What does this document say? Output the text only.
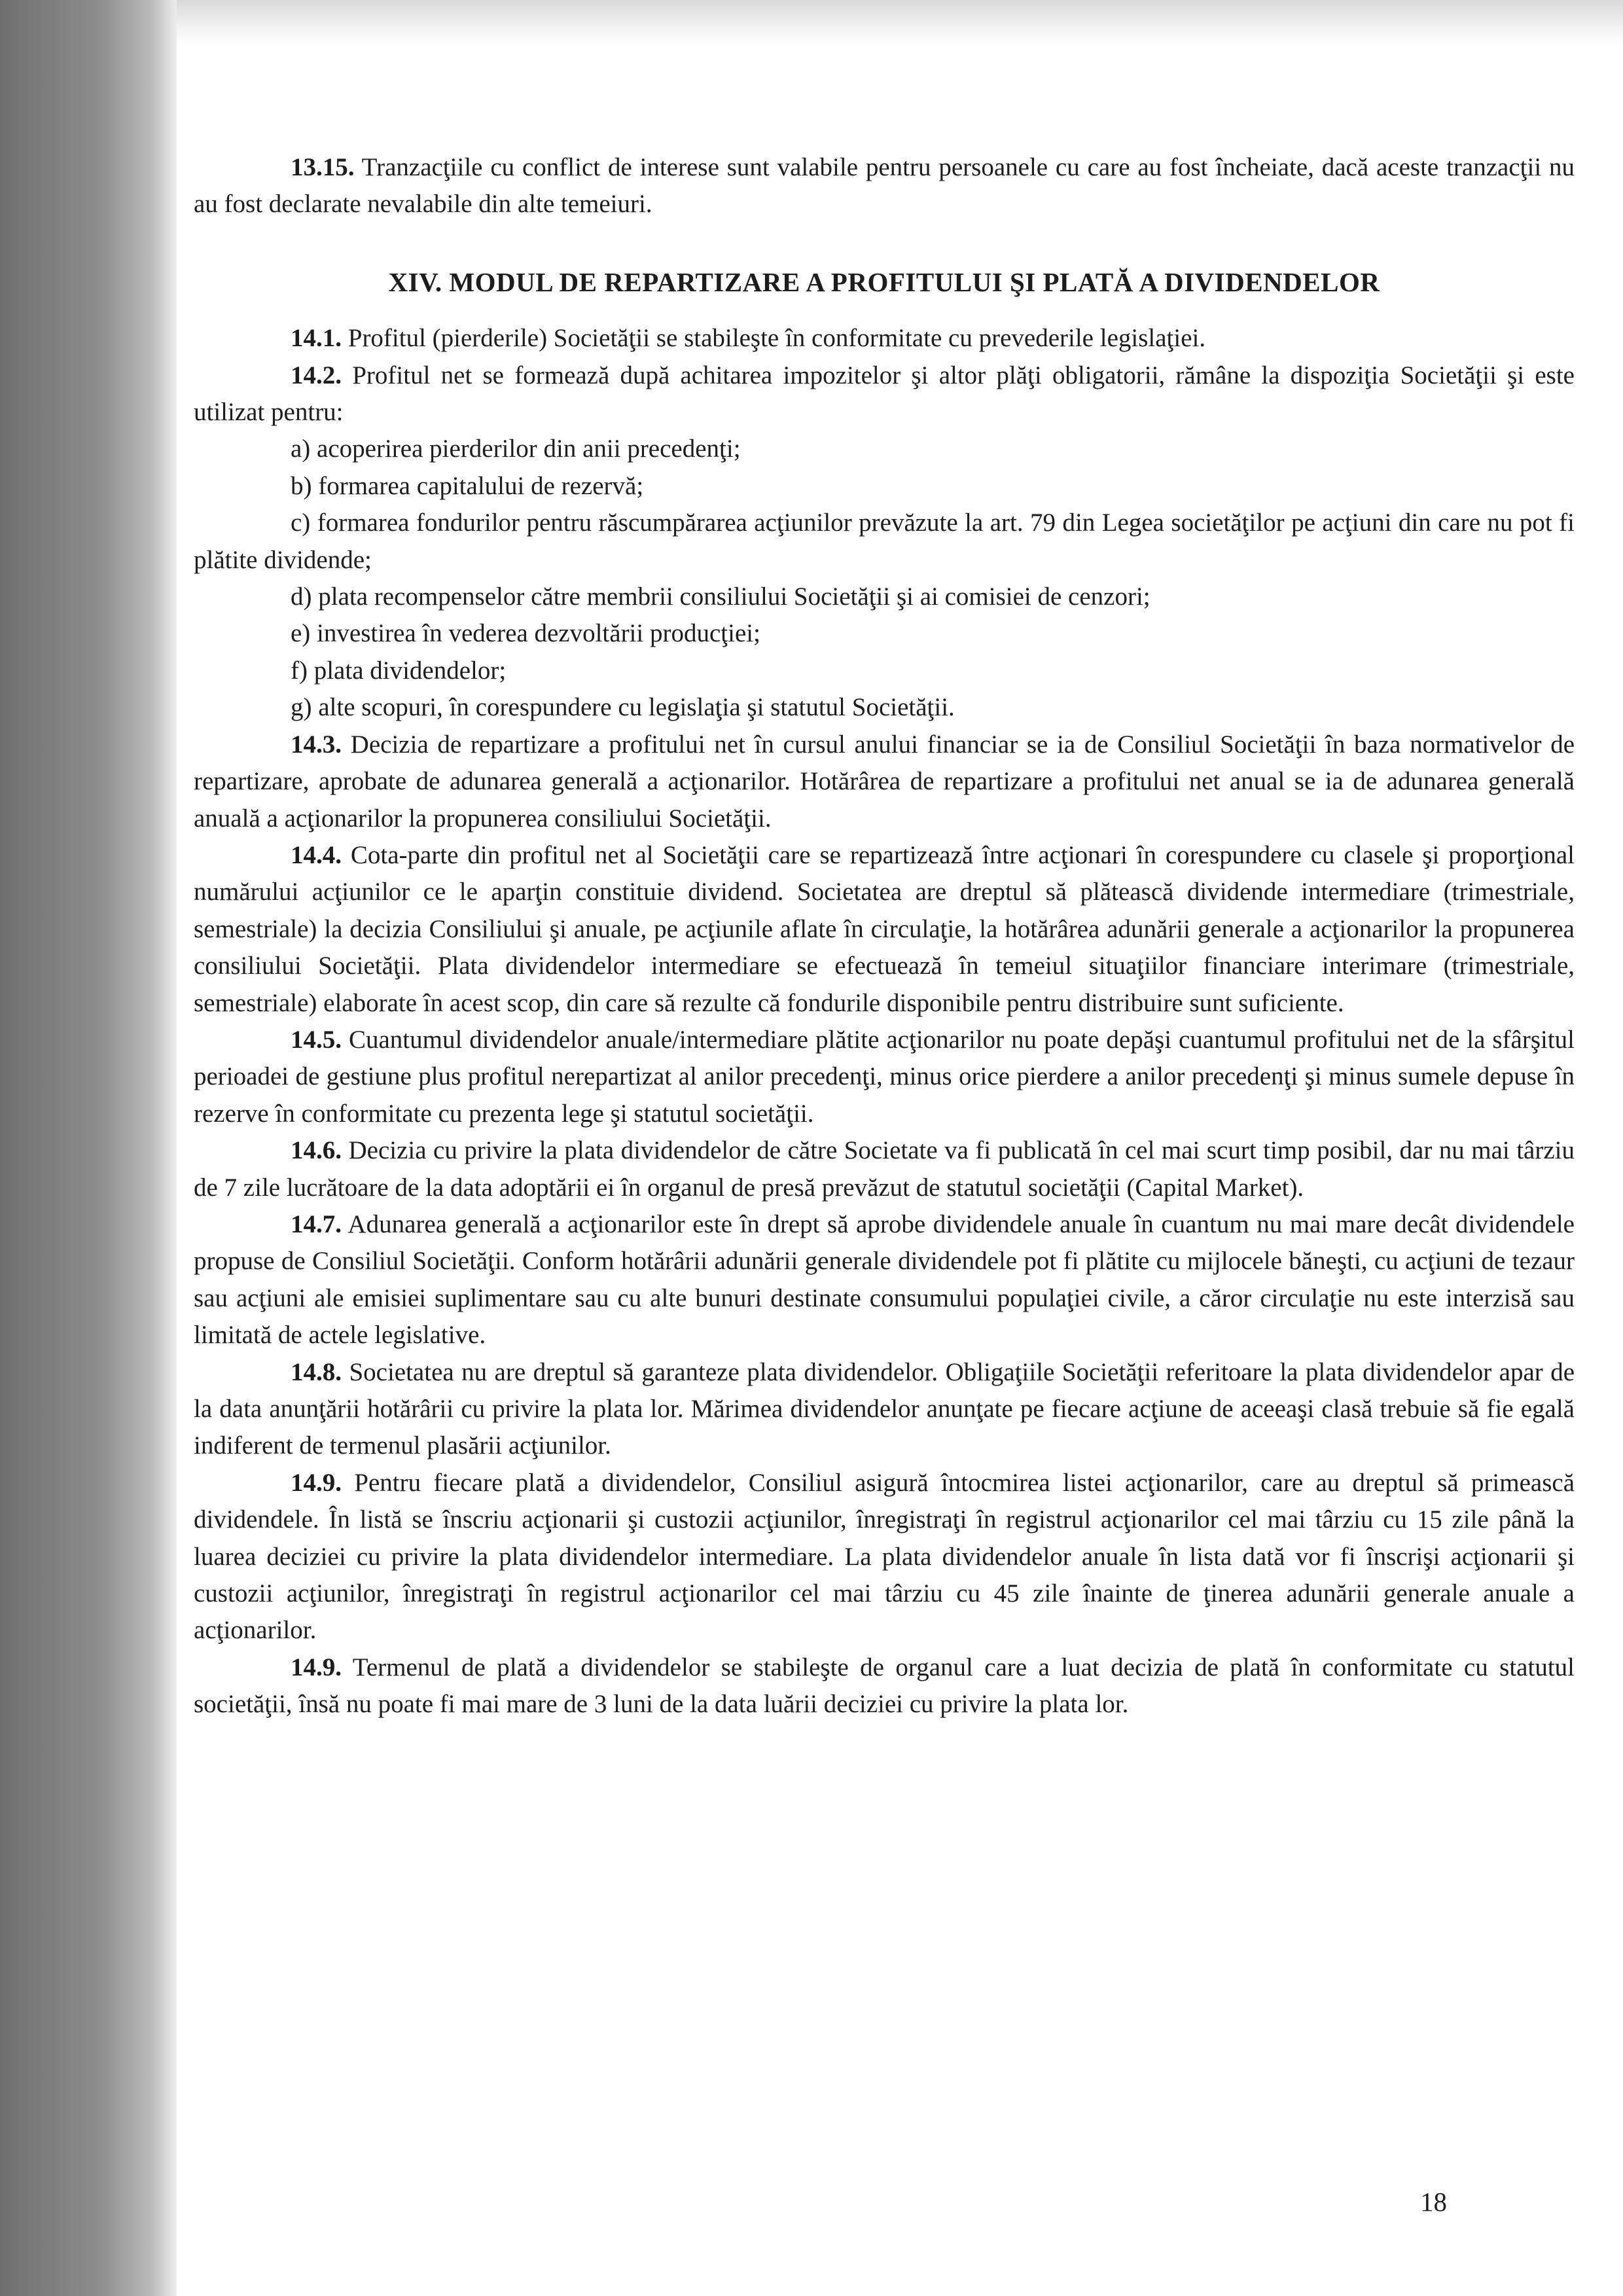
13.15. Tranzacţiile cu conflict de interese sunt valabile pentru persoanele cu care au fost încheiate, dacă aceste tranzacţii nu au fost declarate nevalabile din alte temeiuri.

XIV. MODUL DE REPARTIZARE A PROFITULUI ŞI PLATĂ A DIVIDENDELOR

14.1. Profitul (pierderile) Societăţii se stabileşte în conformitate cu prevederile legislaţiei.

14.2. Profitul net se formează după achitarea impozitelor şi altor plăţi obligatorii, rămâne la dispoziţia Societăţii şi este utilizat pentru:

a) acoperirea pierderilor din anii precedenţi;

b) formarea capitalului de rezervă;

c) formarea fondurilor pentru răscumpărarea acţiunilor prevăzute la art. 79 din Legea societăţilor pe acţiuni din care nu pot fi plătite dividende;

d) plata recompenselor către membrii consiliului Societăţii şi ai comisiei de cenzori;

e) investirea în vederea dezvoltării producţiei;

f) plata dividendelor;

g) alte scopuri, în corespundere cu legislaţia şi statutul Societăţii.

14.3. Decizia de repartizare a profitului net în cursul anului financiar se ia de Consiliul Societăţii în baza normativelor de repartizare, aprobate de adunarea generală a acţionarilor. Hotărârea de repartizare a profitului net anual se ia de adunarea generală anuală a acţionarilor la propunerea consiliului Societăţii.

14.4. Cota-parte din profitul net al Societăţii care se repartizează între acţionari în corespundere cu clasele şi proporţional numărului acţiunilor ce le aparţin constituie dividend. Societatea are dreptul să plătească dividende intermediare (trimestriale, semestriale) la decizia Consiliului şi anuale, pe acţiunile aflate în circulaţie, la hotărârea adunării generale a acţionarilor la propunerea consiliului Societăţii. Plata dividendelor intermediare se efectuează în temeiul situaţiilor financiare interimare (trimestriale, semestriale) elaborate în acest scop, din care să rezulte că fondurile disponibile pentru distribuire sunt suficiente.

14.5. Cuantumul dividendelor anuale/intermediare plătite acţionarilor nu poate depăşi cuantumul profitului net de la sfârşitul perioadei de gestiune plus profitul nerepartizat al anilor precedenţi, minus orice pierdere a anilor precedenţi şi minus sumele depuse în rezerve în conformitate cu prezenta lege şi statutul societăţii.

14.6. Decizia cu privire la plata dividendelor de către Societate va fi publicată în cel mai scurt timp posibil, dar nu mai târziu de 7 zile lucrătoare de la data adoptării ei în organul de presă prevăzut de statutul societăţii (Capital Market).

14.7. Adunarea generală a acţionarilor este în drept să aprobe dividendele anuale în cuantum nu mai mare decât dividendele propuse de Consiliul Societăţii. Conform hotărârii adunării generale dividendele pot fi plătite cu mijlocele băneşti, cu acţiuni de tezaur sau acţiuni ale emisiei suplimentare sau cu alte bunuri destinate consumului populaţiei civile, a căror circulaţie nu este interzisă sau limitată de actele legislative.

14.8. Societatea nu are dreptul să garanteze plata dividendelor. Obligaţiile Societăţii referitoare la plata dividendelor apar de la data anunţării hotărârii cu privire la plata lor. Mărimea dividendelor anunţate pe fiecare acţiune de aceeaşi clasă trebuie să fie egală indiferent de termenul plasării acţiunilor.

14.9. Pentru fiecare plată a dividendelor, Consiliul asigură întocmirea listei acţionarilor, care au dreptul să primească dividendele. În listă se înscriu acţionarii şi custozii acţiunilor, înregistraţi în registrul acţionarilor cel mai târziu cu 15 zile până la luarea deciziei cu privire la plata dividendelor intermediare. La plata dividendelor anuale în lista dată vor fi înscrişi acţionarii şi custozii acţiunilor, înregistraţi în registrul acţionarilor cel mai târziu cu 45 zile înainte de ţinerea adunării generale anuale a acţionarilor.

14.9. Termenul de plată a dividendelor se stabileşte de organul care a luat decizia de plată în conformitate cu statutul societăţii, însă nu poate fi mai mare de 3 luni de la data luării deciziei cu privire la plata lor.

18
